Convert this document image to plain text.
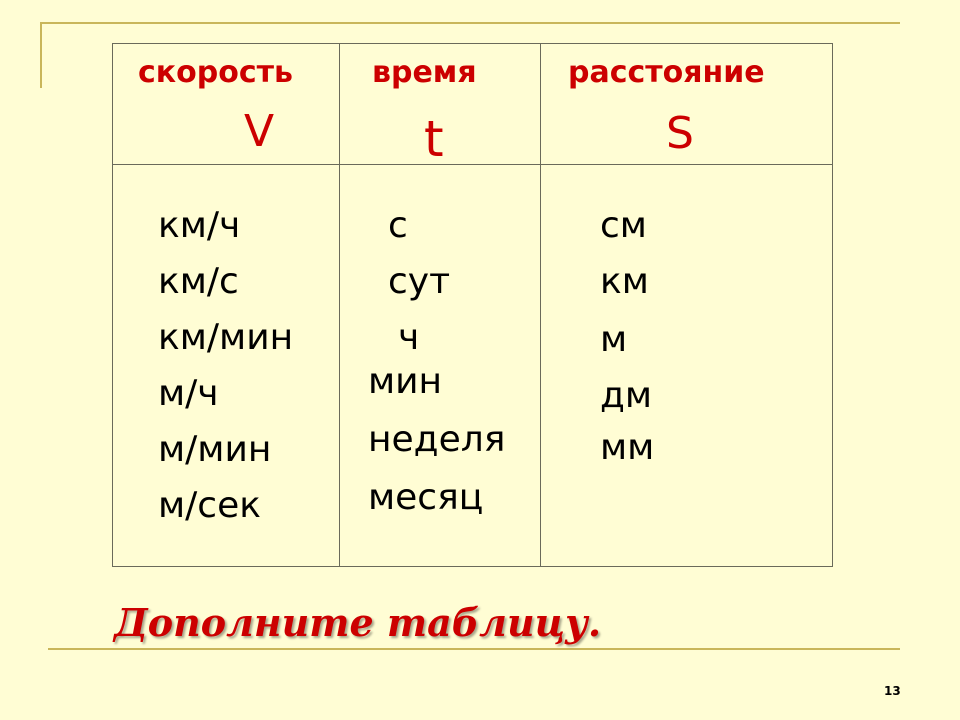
скорость
V
время
t
расстояние
S
км/ч
км/с
км/мин
м/ч
м/мин
м/сек
с
сут
ч
мин
неделя
месяц
см
км
м
дм
мм
Дополните таблицу.
13
